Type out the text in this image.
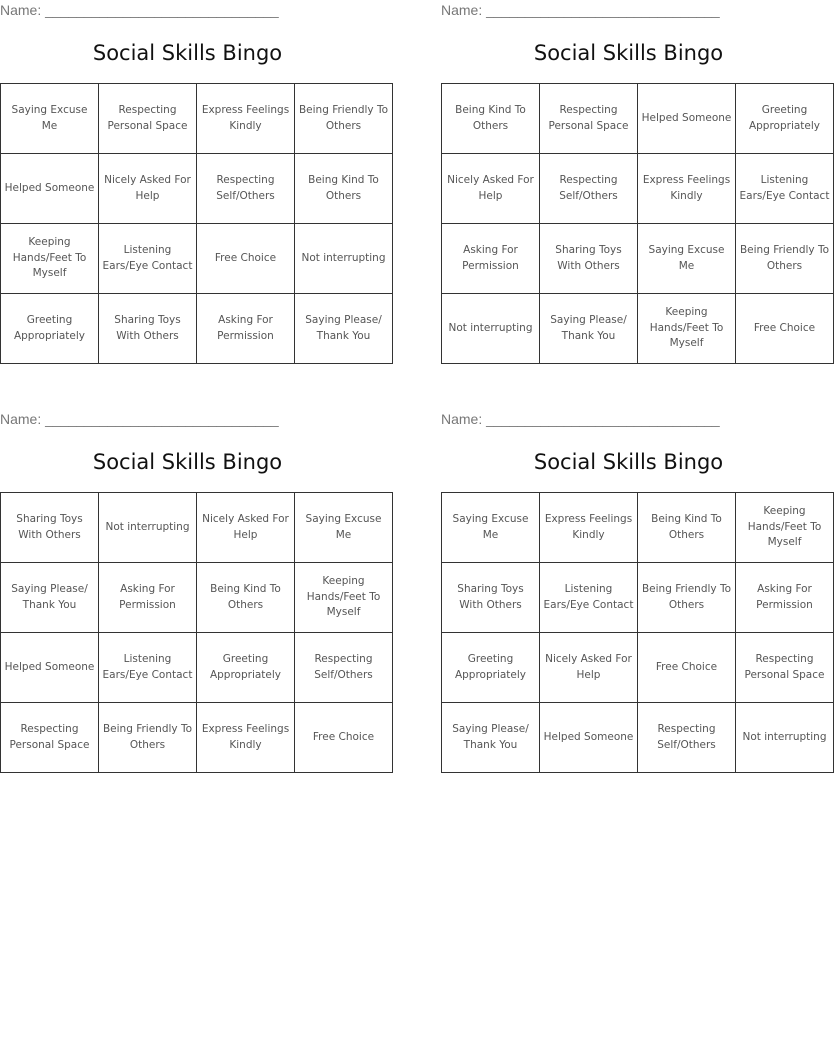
Name: ______________________________
Social Skills Bingo
Saying Excuse Me	Respecting Personal Space	Express Feelings Kindly	Being Friendly To Others
Helped Someone	Nicely Asked For Help	Respecting Self/Others	Being Kind To Others
Keeping Hands/Feet To Myself	Listening Ears/Eye Contact	Free Choice	Not interrupting
Greeting Appropriately	Sharing Toys With Others	Asking For Permission	Saying Please/ Thank You
Name: ______________________________
Social Skills Bingo
Being Kind To Others	Respecting Personal Space	Helped Someone	Greeting Appropriately
Nicely Asked For Help	Respecting Self/Others	Express Feelings Kindly	Listening Ears/Eye Contact
Asking For Permission	Sharing Toys With Others	Saying Excuse Me	Being Friendly To Others
Not interrupting	Saying Please/ Thank You	Keeping Hands/Feet To Myself	Free Choice
Name: ______________________________
Social Skills Bingo
Sharing Toys With Others	Not interrupting	Nicely Asked For Help	Saying Excuse Me
Saying Please/ Thank You	Asking For Permission	Being Kind To Others	Keeping Hands/Feet To Myself
Helped Someone	Listening Ears/Eye Contact	Greeting Appropriately	Respecting Self/Others
Respecting Personal Space	Being Friendly To Others	Express Feelings Kindly	Free Choice
Name: ______________________________
Social Skills Bingo
Saying Excuse Me	Express Feelings Kindly	Being Kind To Others	Keeping Hands/Feet To Myself
Sharing Toys With Others	Listening Ears/Eye Contact	Being Friendly To Others	Asking For Permission
Greeting Appropriately	Nicely Asked For Help	Free Choice	Respecting Personal Space
Saying Please/ Thank You	Helped Someone	Respecting Self/Others	Not interrupting
